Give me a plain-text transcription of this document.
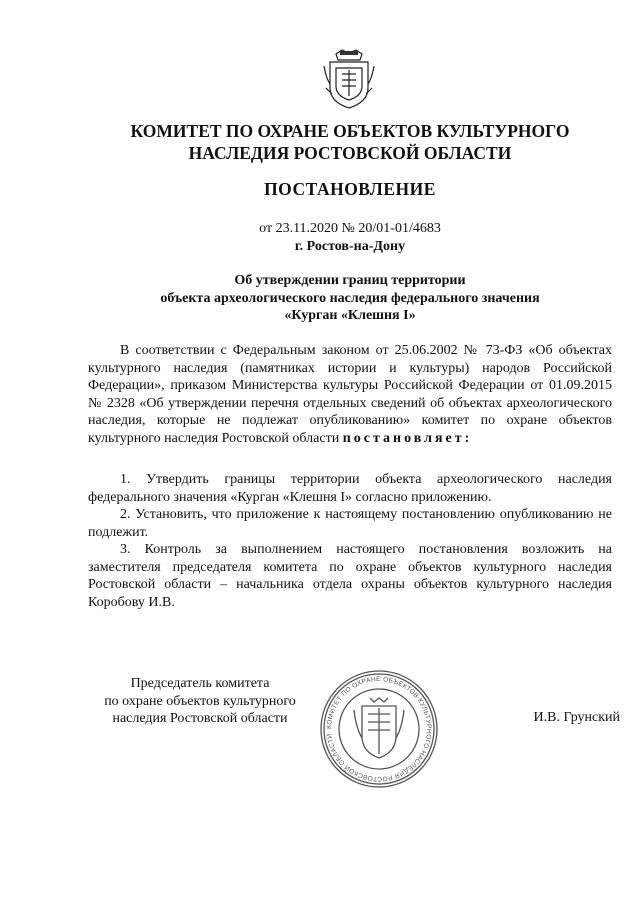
КОМИТЕТ ПО ОХРАНЕ ОБЪЕКТОВ КУЛЬТУРНОГО
НАСЛЕДИЯ РОСТОВСКОЙ ОБЛАСТИ
ПОСТАНОВЛЕНИЕ
от 23.11.2020 № 20/01-01/4683
г. Ростов-на-Дону
Об утверждении границ территории
объекта археологического наследия федерального значения
«Курган «Клешня I»

В соответствии с Федеральным законом от 25.06.2002 № 73-ФЗ «Об объектах культурного наследия (памятниках истории и культуры) народов Российской Федерации», приказом Министерства культуры Российской Федерации от 01.09.2015 № 2328 «Об утверждении перечня отдельных сведений об объектах археологического наследия, которые не подлежат опубликованию» комитет по охране объектов культурного наследия Ростовской области постановляет:

1. Утвердить границы территории объекта археологического наследия федерального значения «Курган «Клешня I» согласно приложению.

2. Установить, что приложение к настоящему постановлению опубликованию не подлежит.

3. Контроль за выполнением настоящего постановления возложить на заместителя председателя комитета по охране объектов культурного наследия Ростовской области – начальника отдела охраны объектов культурного наследия Коробову И.В.

Председатель комитета
по охране объектов культурного
наследия Ростовской области
КОМИТЕТ ПО ОХРАНЕ ОБЪЕКТОВ КУЛЬТУРНОГО НАСЛЕДИЯ РОСТОВСКОЙ ОБЛАСТИ
И.В. Грунский
